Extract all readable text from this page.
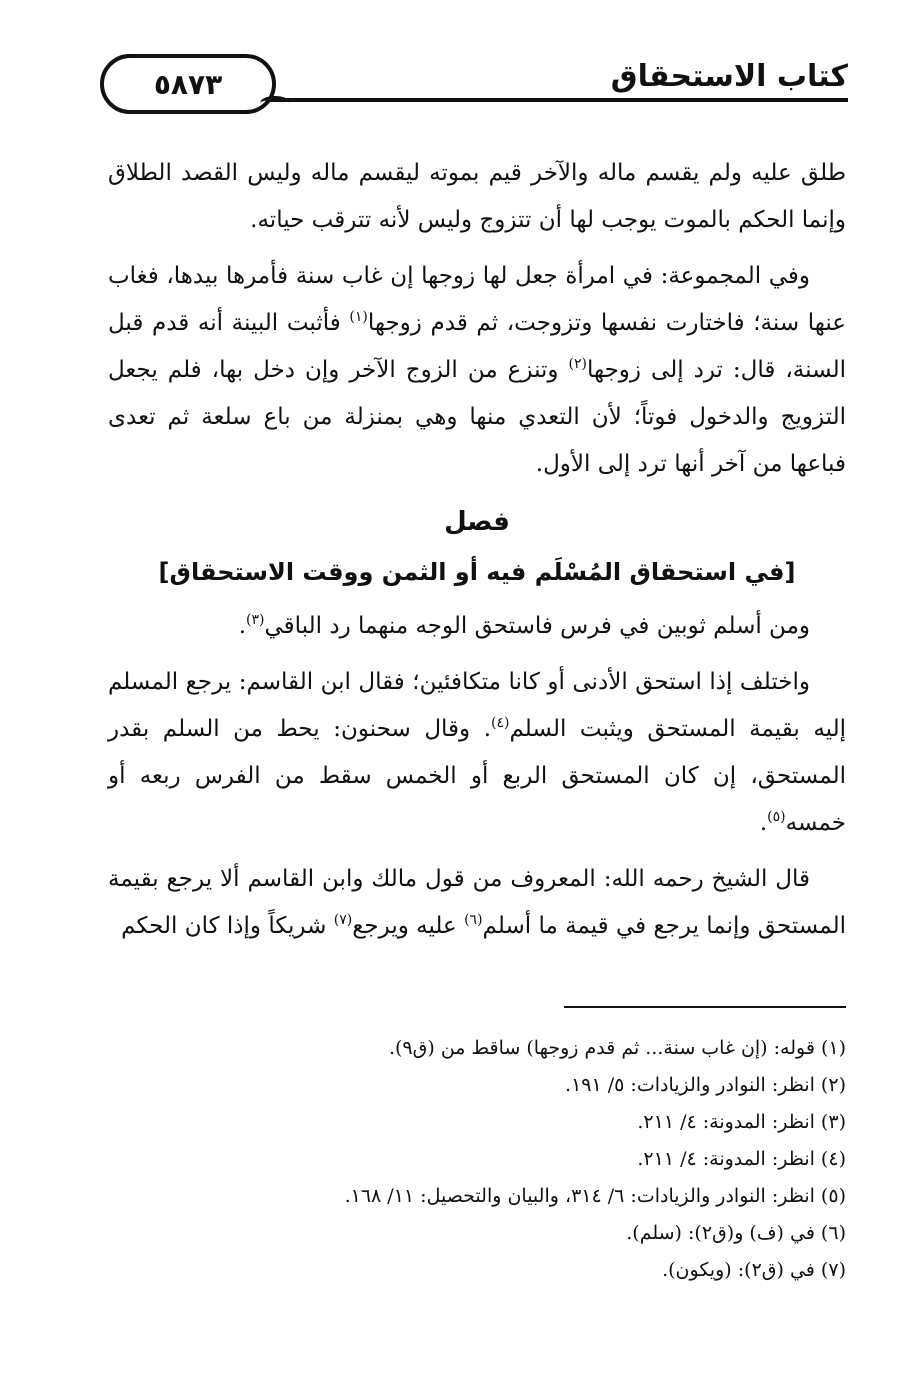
كتاب الاستحقاق
٥٨٧٣

طلق عليه ولم يقسم ماله والآخر قيم بموته ليقسم ماله وليس القصد الطلاق وإنما الحكم بالموت يوجب لها أن تتزوج وليس لأنه تترقب حياته.

وفي المجموعة: في امرأة جعل لها زوجها إن غاب سنة فأمرها بيدها، فغاب عنها سنة؛ فاختارت نفسها وتزوجت، ثم قدم زوجها$^{(١)}$ فأثبت البينة أنه قدم قبل السنة، قال: ترد إلى زوجها$^{(٢)}$ وتنزع من الزوج الآخر وإن دخل بها، فلم يجعل التزويج والدخول فوتاً؛ لأن التعدي منها وهي بمنزلة من باع سلعة ثم تعدى فباعها من آخر أنها ترد إلى الأول.

فصل
[في استحقاق المُسْلَم فيه أو الثمن ووقت الاستحقاق]

ومن أسلم ثوبين في فرس فاستحق الوجه منهما رد الباقي$^{(٣)}$.

واختلف إذا استحق الأدنى أو كانا متكافئين؛ فقال ابن القاسم: يرجع المسلم إليه بقيمة المستحق ويثبت السلم$^{(٤)}$. وقال سحنون: يحط من السلم بقدر المستحق، إن كان المستحق الربع أو الخمس سقط من الفرس ربعه أو خمسه$^{(٥)}$.

قال الشيخ رحمه الله: المعروف من قول مالك وابن القاسم ألا يرجع بقيمة المستحق وإنما يرجع في قيمة ما أسلم$^{(٦)}$ عليه ويرجع$^{(٧)}$ شريكاً وإذا كان الحكم

(١) قوله: (إن غاب سنة... ثم قدم زوجها) ساقط من (ق٩).
(٢) انظر: النوادر والزيادات: ٥/ ١٩١.
(٣) انظر: المدونة: ٤/ ٢١١.
(٤) انظر: المدونة: ٤/ ٢١١.
(٥) انظر: النوادر والزيادات: ٦/ ٣١٤، والبيان والتحصيل: ١١/ ١٦٨.
(٦) في (ف) و(ق٢): (سلم).
(٧) في (ق٢): (ويكون).
